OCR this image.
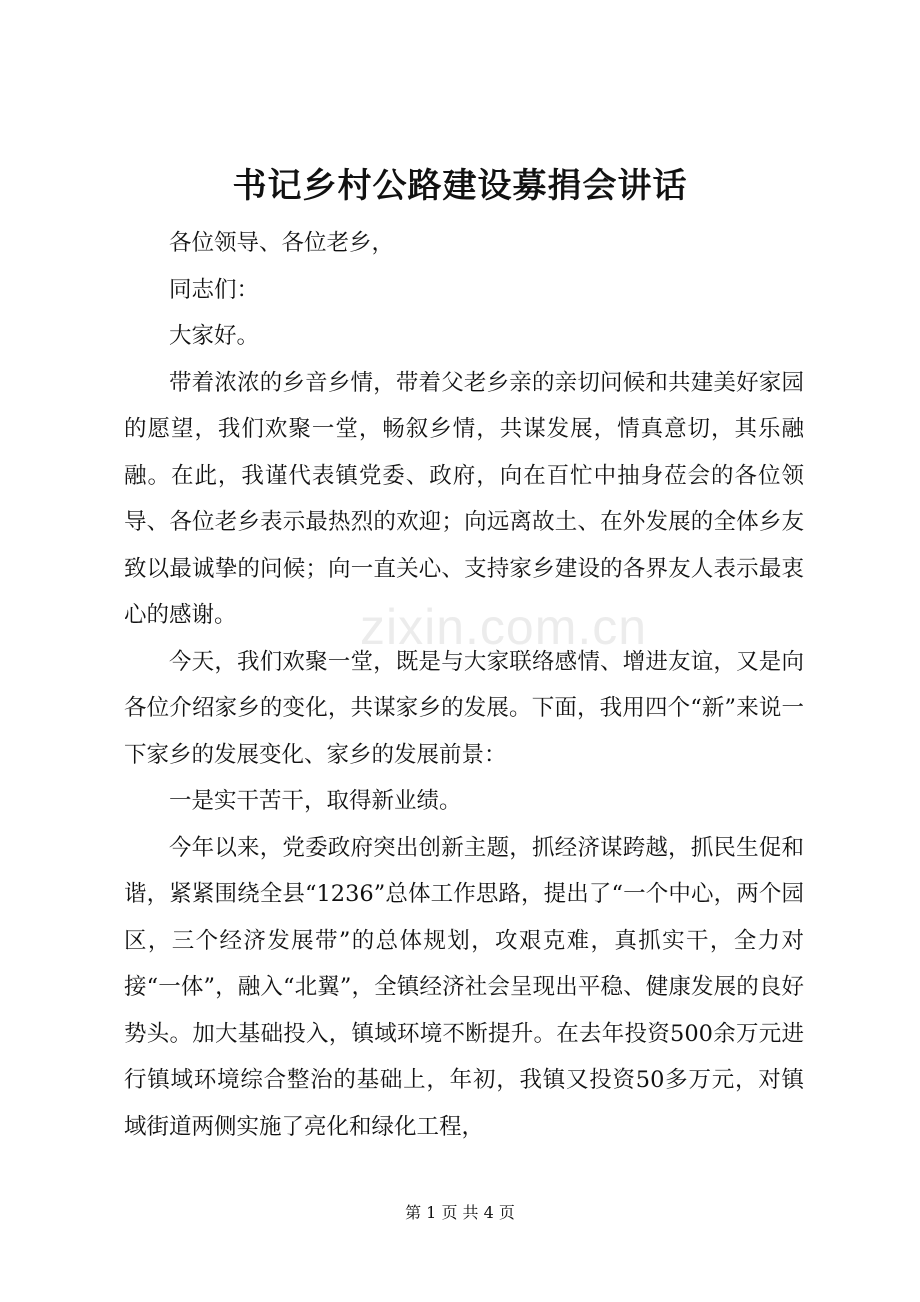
书记乡村公路建设募捐会讲话

各位领导、各位老乡，

同志们：

大家好。

带着浓浓的乡音乡情，带着父老乡亲的亲切问候和共建美好家园的愿望，我们欢聚一堂，畅叙乡情，共谋发展，情真意切，其乐融融。在此，我谨代表镇党委、政府，向在百忙中抽身莅会的各位领导、各位老乡表示最热烈的欢迎；向远离故土、在外发展的全体乡友致以最诚挚的问候；向一直关心、支持家乡建设的各界友人表示最衷心的感谢。

今天，我们欢聚一堂，既是与大家联络感情、增进友谊，又是向各位介绍家乡的变化，共谋家乡的发展。下面，我用四个“新”来说一下家乡的发展变化、家乡的发展前景：

一是实干苦干，取得新业绩。

今年以来，党委政府突出创新主题，抓经济谋跨越，抓民生促和谐，紧紧围绕全县“1236”总体工作思路，提出了“一个中心，两个园区，三个经济发展带”的总体规划，攻艰克难，真抓实干，全力对接“一体”，融入“北翼”，全镇经济社会呈现出平稳、健康发展的良好势头。加大基础投入，镇域环境不断提升。在去年投资500余万元进行镇域环境综合整治的基础上，年初，我镇又投资50多万元，对镇域街道两侧实施了亮化和绿化工程，

zixin.com.cn
第 1 页 共 4 页
